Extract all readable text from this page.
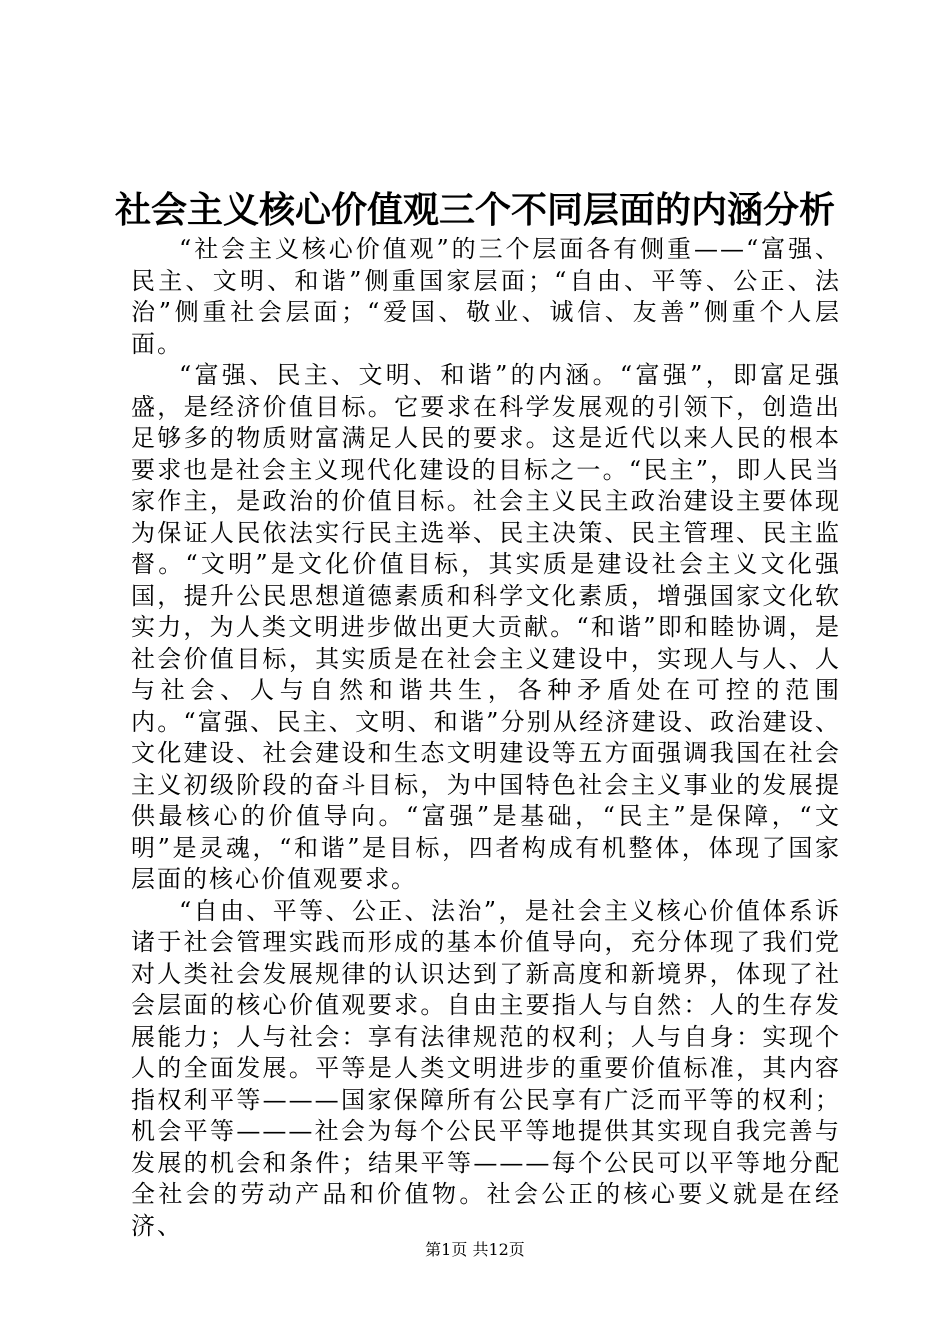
社会主义核心价值观三个不同层面的内涵分析

“社会主义核心价值观”的三个层面各有侧重——“富强、民主、文明、和谐”侧重国家层面；“自由、平等、公正、法治”侧重社会层面；“爱国、敬业、诚信、友善”侧重个人层面。

“富强、民主、文明、和谐”的内涵。“富强”，即富足强盛，是经济价值目标。它要求在科学发展观的引领下，创造出足够多的物质财富满足人民的要求。这是近代以来人民的根本要求也是社会主义现代化建设的目标之一。“民主”，即人民当家作主，是政治的价值目标。社会主义民主政治建设主要体现为保证人民依法实行民主选举、民主决策、民主管理、民主监督。“文明”是文化价值目标，其实质是建设社会主义文化强国，提升公民思想道德素质和科学文化素质，增强国家文化软实力，为人类文明进步做出更大贡献。“和谐”即和睦协调，是社会价值目标，其实质是在社会主义建设中，实现人与人、人与社会、人与自然和谐共生，各种矛盾处在可控的范围内。“富强、民主、文明、和谐”分别从经济建设、政治建设、文化建设、社会建设和生态文明建设等五方面强调我国在社会主义初级阶段的奋斗目标，为中国特色社会主义事业的发展提供最核心的价值导向。“富强”是基础，“民主”是保障，“文明”是灵魂，“和谐”是目标，四者构成有机整体，体现了国家层面的核心价值观要求。

“自由、平等、公正、法治”，是社会主义核心价值体系诉诸于社会管理实践而形成的基本价值导向，充分体现了我们党对人类社会发展规律的认识达到了新高度和新境界，体现了社会层面的核心价值观要求。自由主要指人与自然：人的生存发展能力；人与社会：享有法律规范的权利；人与自身：实现个人的全面发展。平等是人类文明进步的重要价值标准，其内容指权利平等———国家保障所有公民享有广泛而平等的权利；机会平等———社会为每个公民平等地提供其实现自我完善与发展的机会和条件；结果平等———每个公民可以平等地分配全社会的劳动产品和价值物。社会公正的核心要义就是在经济、

第1页 共12页
